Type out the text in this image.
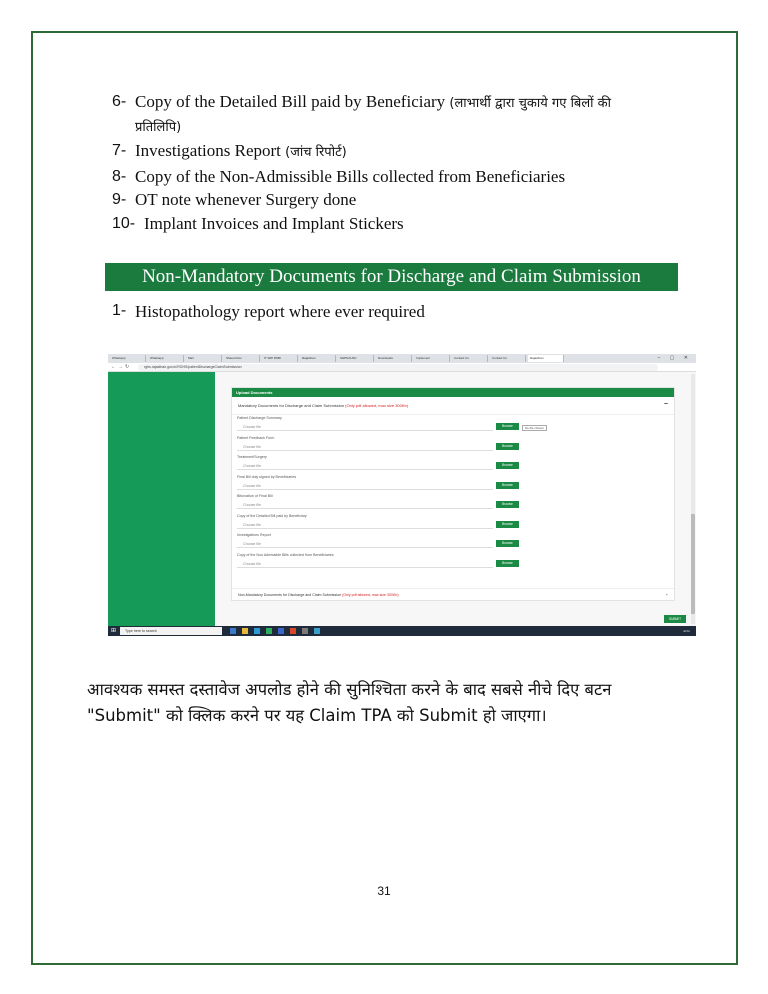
6- Copy of the Detailed Bill paid by Beneficiary (लाभार्थी द्वारा चुकाये गए बिलों की
प्रतिलिपि)
7- Investigations Report (जांच रिपोर्ट)
8- Copy of the Non-Admissible Bills collected from Beneficiaries
9- OT note whenever Surgery done
10- Implant Invoices and Implant Stickers
Non-Mandatory Documents for Discharge and Claim Submission
1- Histopathology report where ever required
Whatsapp	Whatsapp	Mail	Shared Doc	IT WIP RSBI	Rajasthan	SHPNAUSC	Downloads	Implement	Contact Us	Contact Us	Rajasthan	– ▢ ✕
← → ↻	rghs.rajasthan.gov.in/RGHS/patientDischargeClaimSubmission
Upload Documents
Mandatory Documents for Discharge and Claim Submission (Only pdf allowed, max size 300Kb)	−
Patient Discharge Summary
Choose file	Browse	No file chosen
Patient Feedback Form
Choose file	Browse
Treatment/Surgery
Choose file	Browse
Final Bill duly signed by Beneficiaries
Choose file	Browse
Bifurcation of Final Bill
Choose file	Browse
Copy of the Detailed Bill paid by Beneficiary
Choose file	Browse
Investigations Report
Choose file	Browse
Copy of the Non Admissible Bills collected from Beneficiaries
Choose file	Browse
Non-Mandatory Documents for Discharge and Claim Submission (Only pdf allowed, max size 300Kb)	+
SUBMIT
⊞	Type here to search	ENG
आवश्यक समस्त दस्तावेज अपलोड होने की सुनिश्चिता करने के बाद सबसे नीचे दिए बटन "Submit" को क्लिक करने पर यह Claim TPA को Submit हो जाएगा।
31
